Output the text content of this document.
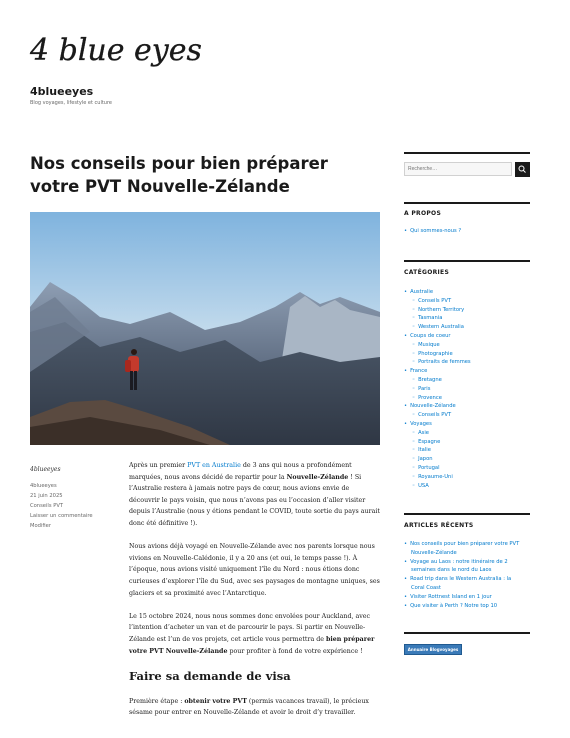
4 blue eyes
4blueeyes
Blog voyages, lifestyle et culture
Nos conseils pour bien préparer votre PVT Nouvelle-Zélande
4blueeyes
4blueeyes
21 juin 2025
Conseils PVT
Laisser un commentaire
Modifier

Après un premier PVT en Australie de 3 ans qui nous a profondément marquées, nous avons décidé de repartir pour la Nouvelle-Zélande ! Si l’Australie restera à jamais notre pays de cœur, nous avions envie de découvrir le pays voisin, que nous n’avons pas eu l’occasion d’aller visiter depuis l’Australie (nous y étions pendant le COVID, toute sortie du pays aurait donc été définitive !).

Nous avions déjà voyagé en Nouvelle-Zélande avec nos parents lorsque nous vivions en Nouvelle-Calédonie, il y a 20 ans (et oui, le temps passe !). À l’époque, nous avions visité uniquement l’île du Nord : nous étions donc curieuses d’explorer l’île du Sud, avec ses paysages de montagne uniques, ses glaciers et sa proximité avec l’Antarctique.

Le 15 octobre 2024, nous nous sommes donc envolées pour Auckland, avec l’intention d’acheter un van et de parcourir le pays. Si partir en Nouvelle-Zélande est l’un de vos projets, cet article vous permettra de bien préparer votre PVT Nouvelle-Zélande pour profiter à fond de votre expérience !

Faire sa demande de visa

Première étape : obtenir votre PVT (permis vacances travail), le précieux sésame pour entrer en Nouvelle-Zélande et avoir le droit d’y travailler.

Recherche…
A PROPOS
• Qui sommes-nous ?
CATÉGORIES
• Australie
◦ Conseils PVT
◦ Northern Territory
◦ Tasmania
◦ Western Australia
• Coups de coeur
◦ Musique
◦ Photographie
◦ Portraits de femmes
• France
◦ Bretagne
◦ Paris
◦ Provence
• Nouvelle-Zélande
◦ Conseils PVT
• Voyages
◦ Asie
◦ Espagne
◦ Italie
◦ Japon
◦ Portugal
◦ Royaume-Uni
◦ USA
ARTICLES RÉCENTS
• Nos conseils pour bien préparer votre PVT
Nouvelle-Zélande
• Voyage au Laos : notre itinéraire de 2
semaines dans le nord du Laos
• Road trip dans le Western Australia : la
Coral Coast
• Visiter Rottnest Island en 1 jour
• Que visiter à Perth ? Notre top 10
Annuaire Blogvoyages
